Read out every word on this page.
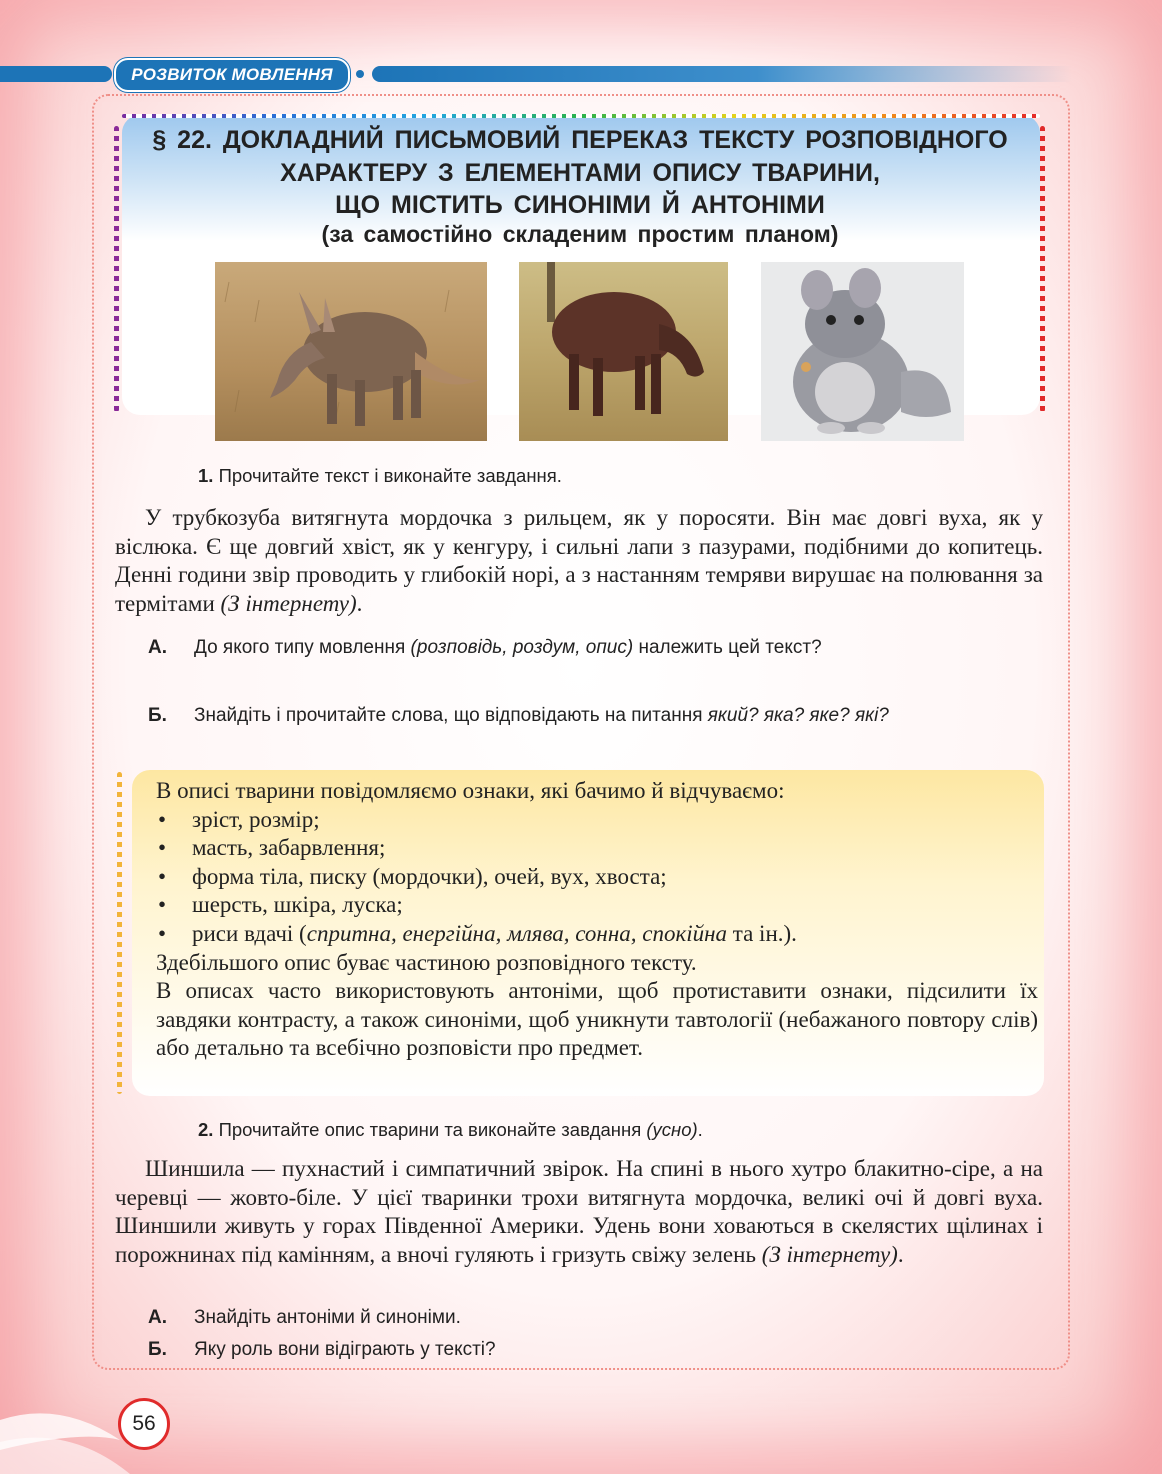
РОЗВИТОК МОВЛЕННЯ
§ 22. ДОКЛАДНИЙ ПИСЬМОВИЙ ПЕРЕКАЗ ТЕКСТУ РОЗПОВІДНОГО
ХАРАКТЕРУ З ЕЛЕМЕНТАМИ ОПИСУ ТВАРИНИ,
ЩО МІСТИТЬ СИНОНІМИ Й АНТОНІМИ
(за самостійно складеним простим планом)
1. Прочитайте текст і виконайте завдання.
У трубкозуба витягнута мордочка з рильцем, як у поросяти. Він має довгі вуха, як у віслюка. Є ще довгий хвіст, як у кенгуру, і сильні лапи з пазурами, подібними до копитець. Денні години звір проводить у глибокій норі, а з настанням темряви вирушає на полювання за термітами (З інтернету).
А. До якого типу мовлення (розповідь, роздум, опис) належить цей текст?
Б. Знайдіть і прочитайте слова, що відповідають на питання який? яка? яке? які?
В описі тварини повідомляємо ознаки, які бачимо й відчуваємо:
• зріст, розмір;
• масть, забарвлення;
• форма тіла, писку (мордочки), очей, вух, хвоста;
• шерсть, шкіра, луска;
• риси вдачі (спритна, енергійна, млява, сонна, спокійна та ін.).
Здебільшого опис буває частиною розповідного тексту.
В описах часто використовують антоніми, щоб протиставити ознаки, підсилити їх завдяки контрасту, а також синоніми, щоб уникнути тавтології (небажаного повтору слів) або детально та всебічно розповісти про предмет.
2. Прочитайте опис тварини та виконайте завдання (усно).
Шиншила — пухнастий і симпатичний звірок. На спині в нього хутро блакитно-сіре, а на черевці — жовто-біле. У цієї тваринки трохи витягнута мордочка, великі очі й довгі вуха. Шиншили живуть у горах Південної Америки. Удень вони ховаються в скелястих щілинах і порожнинах під камінням, а вночі гуляють і гризуть свіжу зелень (З інтернету).
А. Знайдіть антоніми й синоніми.
Б. Яку роль вони відіграють у тексті?
56
